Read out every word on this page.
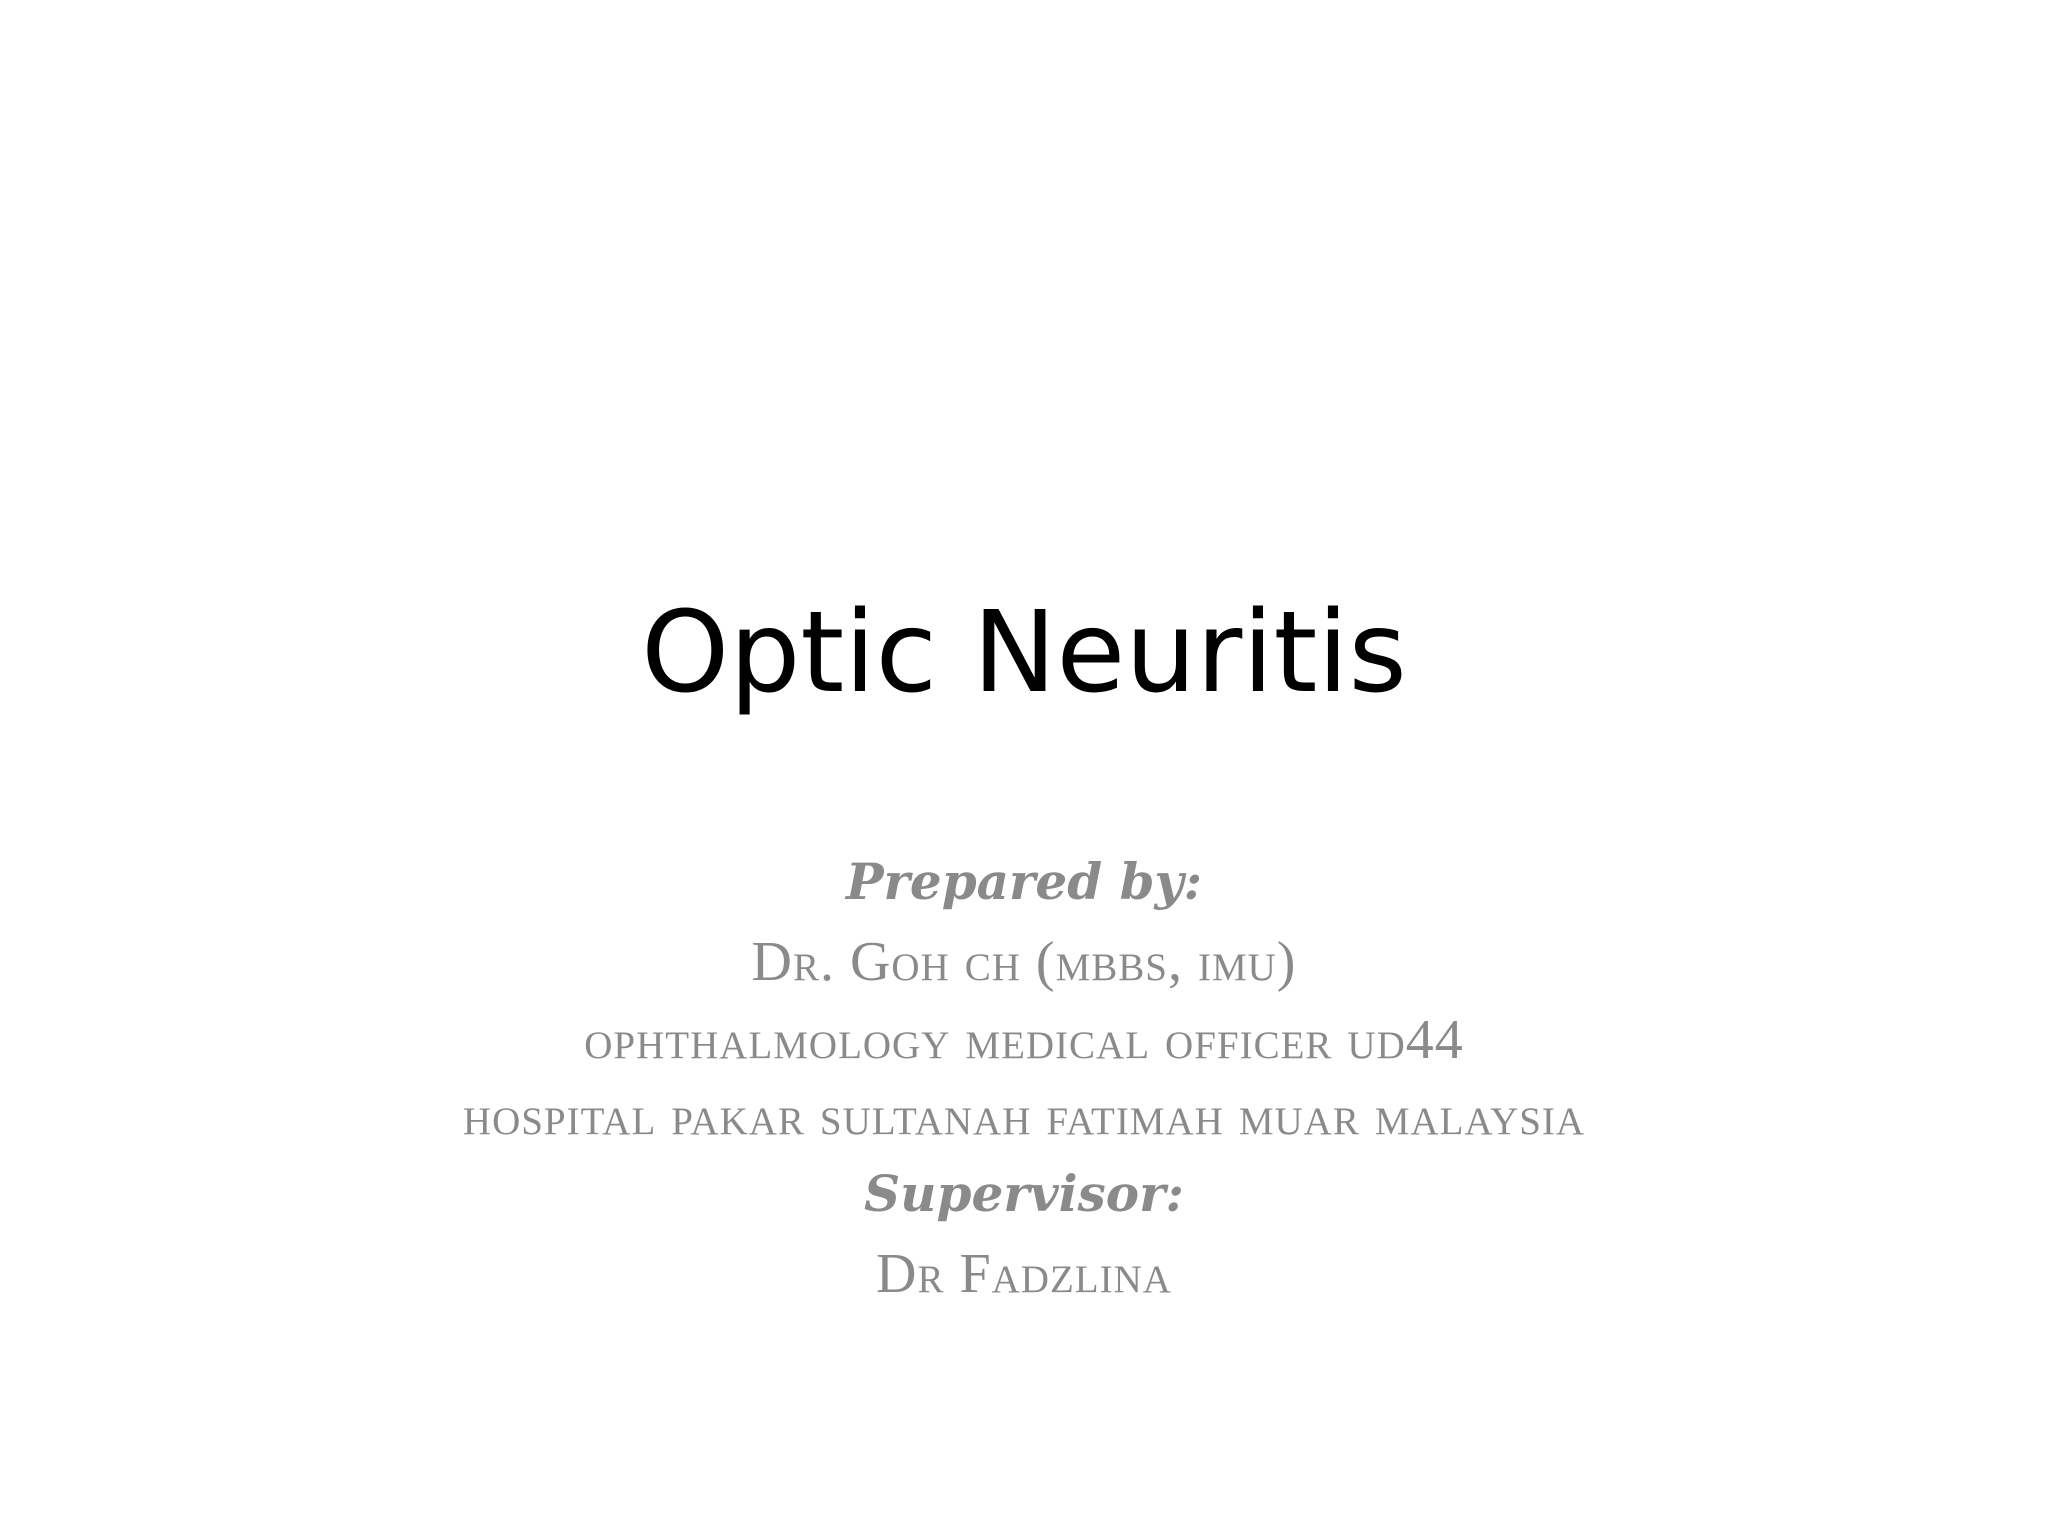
Optic Neuritis
Prepared by:
Dr. Goh ch (mbbs, imu)
ophthalmology medical officer ud44
hospital pakar sultanah fatimah muar malaysia
Supervisor:
Dr Fadzlina
